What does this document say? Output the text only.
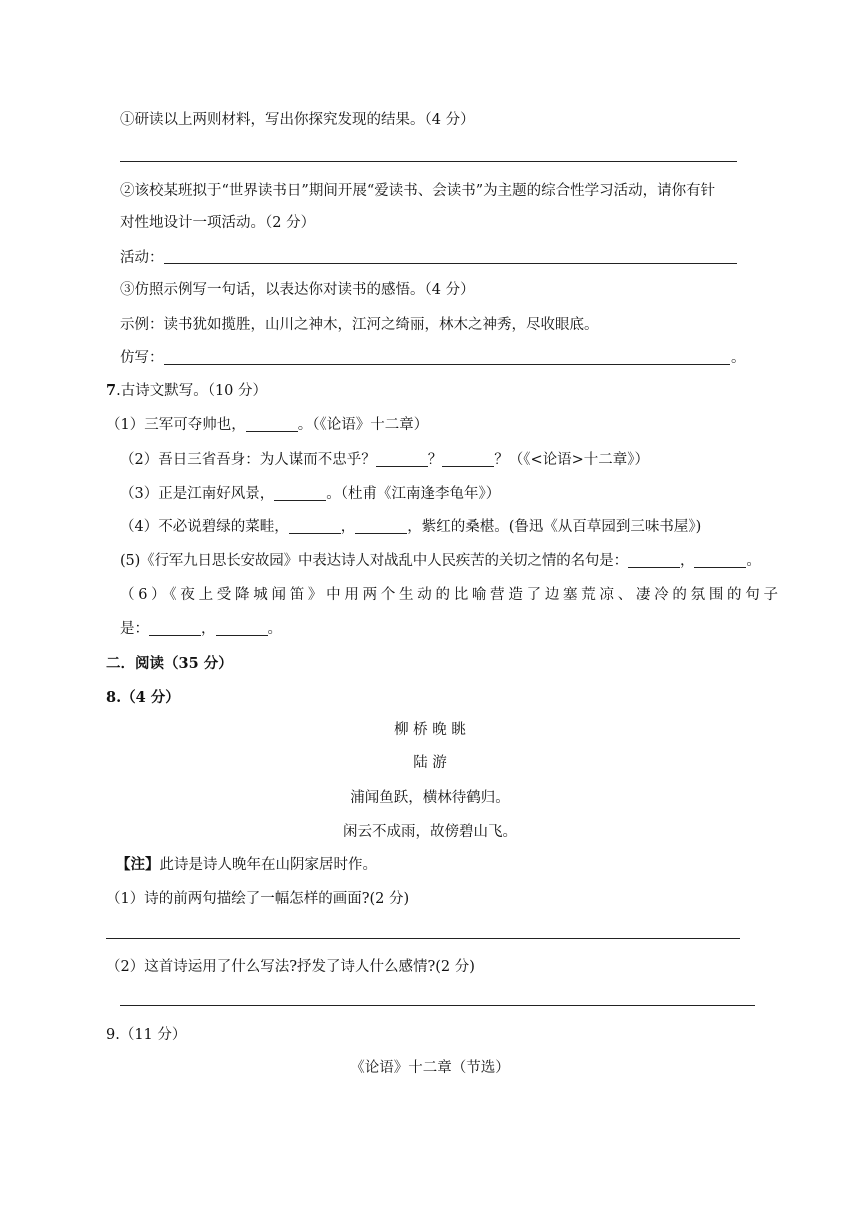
①研读以上两则材料，写出你探究发现的结果。（4 分）
②该校某班拟于“世界读书日”期间开展“爱读书、会读书”为主题的综合性学习活动，请你有针
对性地设计一项活动。（2 分）
活动：
③仿照示例写一句话，以表达你对读书的感悟。（4 分）
示例：读书犹如揽胜，山川之神木，江河之绮丽，林木之神秀，尽收眼底。
仿写：	。
7.古诗文默写。（10 分）
（1）三军可夺帅也，	。（《论语》十二章）
（2）吾日三省吾身：为人谋而不忠乎？	？	？（《<论语>十二章》）
（3）正是江南好风景，	。（杜甫《江南逢李龟年》）
（4）不必说碧绿的菜畦，	，	，紫红的桑椹。(鲁迅《从百草园到三味书屋》)
(5)《行军九日思长安故园》中表达诗人对战乱中人民疾苦的关切之情的名句是：	，	。
（6）《夜上受降城闻笛》中用两个生动的比喻营造了边塞荒凉、凄冷的氛围的句子
是：	，	。
二．阅读（35 分）
8.（4 分）
柳 桥 晚 眺
陆 游
浦闻鱼跃，横林待鹤归。
闲云不成雨，故傍碧山飞。
【注】此诗是诗人晚年在山阴家居时作。
（1）诗的前两句描绘了一幅怎样的画面?(2 分)
（2）这首诗运用了什么写法?抒发了诗人什么感情?(2 分)
9.（11 分）
《论语》十二章（节选）
